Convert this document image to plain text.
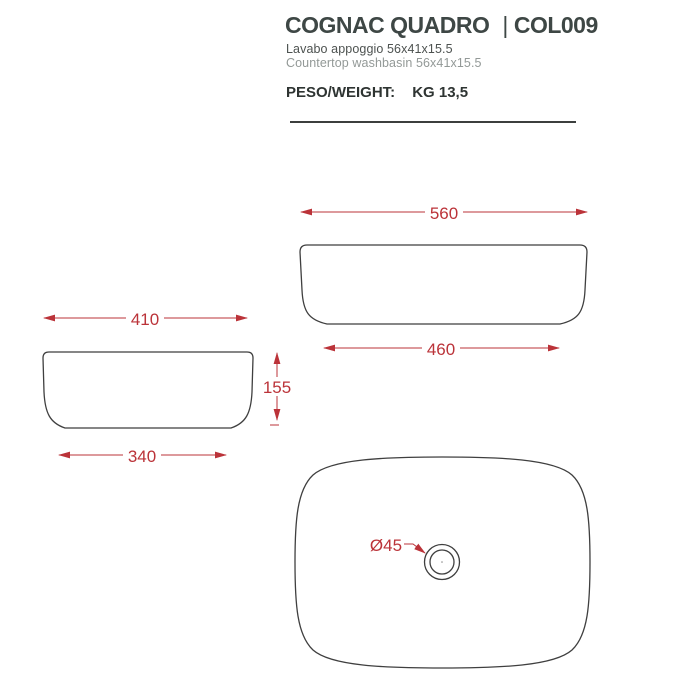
COGNAC QUADRO | COL009
Lavabo appoggio 56x41x15.5
Countertop washbasin 56x41x15.5
PESO/WEIGHT: KG 13,5
560
460
410
340
155
Ø45
